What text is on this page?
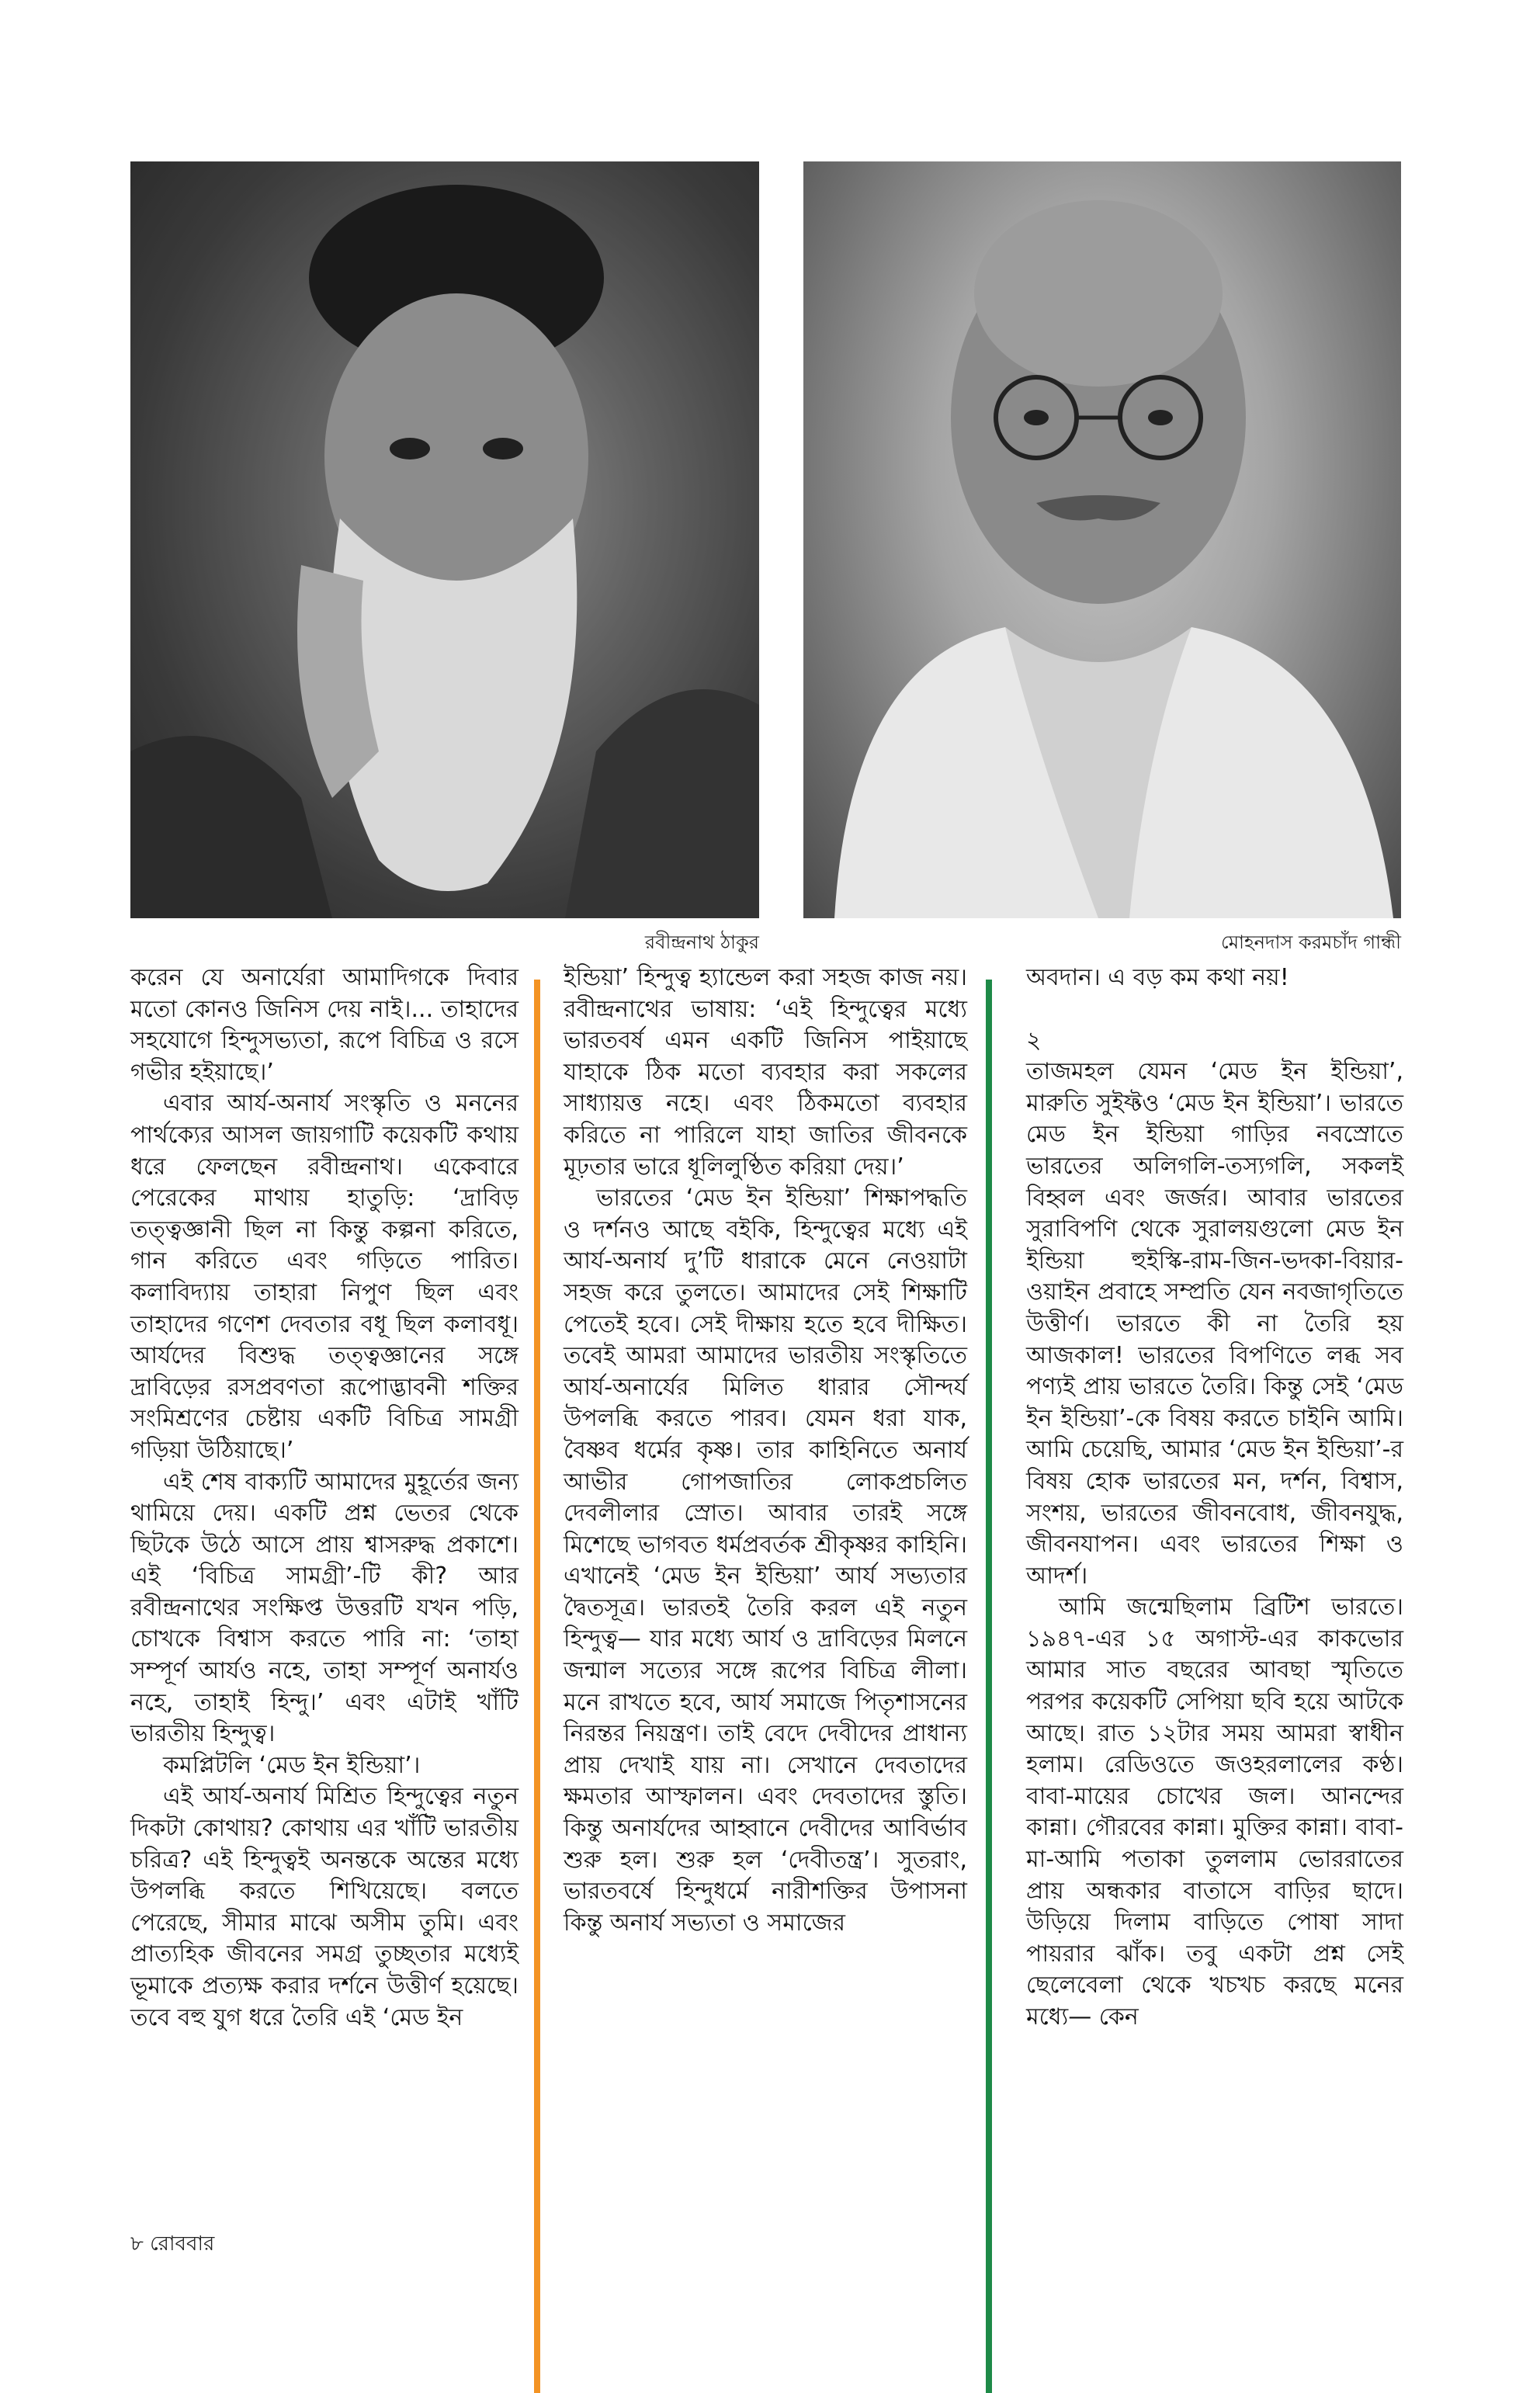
রবীন্দ্রনাথ ঠাকুর	মোহনদাস করমচাঁদ গান্ধী

করেন যে অনার্যেরা আমাদিগকে দিবার মতো কোনও জিনিস দেয় নাই।... তাহাদের সহযোগে হিন্দুসভ্যতা, রূপে বিচিত্র ও রসে গভীর হইয়াছে।’

এবার আর্য-অনার্য সংস্কৃতি ও মননের পার্থক্যের আসল জায়গাটি কয়েকটি কথায় ধরে ফেলছেন রবীন্দ্রনাথ। একেবারে পেরেকের মাথায় হাতুড়ি: ‘দ্রাবিড় তত্ত্বজ্ঞানী ছিল না কিন্তু কল্পনা করিতে, গান করিতে এবং গড়িতে পারিত। কলাবিদ্যায় তাহারা নিপুণ ছিল এবং তাহাদের গণেশ দেবতার বধূ ছিল কলাবধূ। আর্যদের বিশুদ্ধ তত্ত্বজ্ঞানের সঙ্গে দ্রাবিড়ের রসপ্রবণতা রূপোদ্ভাবনী শক্তির সংমিশ্রণের চেষ্টায় একটি বিচিত্র সামগ্রী গড়িয়া উঠিয়াছে।’

এই শেষ বাক্যটি আমাদের মুহূর্তের জন্য থামিয়ে দেয়। একটি প্রশ্ন ভেতর থেকে ছিটকে উঠে আসে প্রায় শ্বাসরুদ্ধ প্রকাশে। এই ‘বিচিত্র সামগ্রী’-টি কী? আর রবীন্দ্রনাথের সংক্ষিপ্ত উত্তরটি যখন পড়ি, চোখকে বিশ্বাস করতে পারি না: ‘তাহা সম্পূর্ণ আর্যও নহে, তাহা সম্পূর্ণ অনার্যও নহে, তাহাই হিন্দু।’ এবং এটাই খাঁটি ভারতীয় হিন্দুত্ব।

কমপ্লিটলি ‘মেড ইন ইন্ডিয়া’।

এই আর্য-অনার্য মিশ্রিত হিন্দুত্বের নতুন দিকটা কোথায়? কোথায় এর খাঁটি ভারতীয় চরিত্র? এই হিন্দুত্বই অনন্তকে অন্তের মধ্যে উপলব্ধি করতে শিখিয়েছে। বলতে পেরেছে, সীমার মাঝে অসীম তুমি। এবং প্রাত্যহিক জীবনের সমগ্র তুচ্ছতার মধ্যেই ভূমাকে প্রত্যক্ষ করার দর্শনে উত্তীর্ণ হয়েছে। তবে বহু যুগ ধরে তৈরি এই ‘মেড ইন

ইন্ডিয়া’ হিন্দুত্ব হ্যান্ডেল করা সহজ কাজ নয়। রবীন্দ্রনাথের ভাষায়: ‘এই হিন্দুত্বের মধ্যে ভারতবর্ষ এমন একটি জিনিস পাইয়াছে যাহাকে ঠিক মতো ব্যবহার করা সকলের সাধ্যায়ত্ত নহে। এবং ঠিকমতো ব্যবহার করিতে না পারিলে যাহা জাতির জীবনকে মূঢ়তার ভারে ধূলিলুণ্ঠিত করিয়া দেয়।’

ভারতের ‘মেড ইন ইন্ডিয়া’ শিক্ষাপদ্ধতি ও দর্শনও আছে বইকি, হিন্দুত্বের মধ্যে এই আর্য-অনার্য দু’টি ধারাকে মেনে নেওয়াটা সহজ করে তুলতে। আমাদের সেই শিক্ষাটি পেতেই হবে। সেই দীক্ষায় হতে হবে দীক্ষিত। তবেই আমরা আমাদের ভারতীয় সংস্কৃতিতে আর্য-অনার্যের মিলিত ধারার সৌন্দর্য উপলব্ধি করতে পারব। যেমন ধরা যাক, বৈষ্ণব ধর্মের কৃষ্ণ। তার কাহিনিতে অনার্য আভীর গোপজাতির লোকপ্রচলিত দেবলীলার স্রোত। আবার তারই সঙ্গে মিশেছে ভাগবত ধর্মপ্রবর্তক শ্রীকৃষ্ণর কাহিনি। এখানেই ‘মেড ইন ইন্ডিয়া’ আর্য সভ্যতার দ্বৈতসূত্র। ভারতই তৈরি করল এই নতুন হিন্দুত্ব— যার মধ্যে আর্য ও দ্রাবিড়ের মিলনে জন্মাল সত্যের সঙ্গে রূপের বিচিত্র লীলা। মনে রাখতে হবে, আর্য সমাজে পিতৃশাসনের নিরন্তর নিয়ন্ত্রণ। তাই বেদে দেবীদের প্রাধান্য প্রায় দেখাই যায় না। সেখানে দেবতাদের ক্ষমতার আস্ফালন। এবং দেবতাদের স্তুতি। কিন্তু অনার্যদের আহ্বানে দেবীদের আবির্ভাব শুরু হল। শুরু হল ‘দেবীতন্ত্র’। সুতরাং, ভারতবর্ষে হিন্দুধর্মে নারীশক্তির উপাসনা কিন্তু অনার্য সভ্যতা ও সমাজের

অবদান। এ বড় কম কথা নয়!

২

তাজমহল যেমন ‘মেড ইন ইন্ডিয়া’, মারুতি সুইফ্টও ‘মেড ইন ইন্ডিয়া’। ভারতে মেড ইন ইন্ডিয়া গাড়ির নবস্রোতে ভারতের অলিগলি-তস্যগলি, সকলই বিহ্বল এবং জর্জর। আবার ভারতের সুরাবিপণি থেকে সুরালয়গুলো মেড ইন ইন্ডিয়া হুইস্কি-রাম-জিন-ভদকা-বিয়ার-ওয়াইন প্রবাহে সম্প্রতি যেন নবজাগৃতিতে উত্তীর্ণ। ভারতে কী না তৈরি হয় আজকাল! ভারতের বিপণিতে লব্ধ সব পণ্যই প্রায় ভারতে তৈরি। কিন্তু সেই ‘মেড ইন ইন্ডিয়া’-কে বিষয় করতে চাইনি আমি। আমি চেয়েছি, আমার ‘মেড ইন ইন্ডিয়া’-র বিষয় হোক ভারতের মন, দর্শন, বিশ্বাস, সংশয়, ভারতের জীবনবোধ, জীবনযুদ্ধ, জীবনযাপন। এবং ভারতের শিক্ষা ও আদর্শ।

আমি জন্মেছিলাম ব্রিটিশ ভারতে। ১৯৪৭-এর ১৫ অগাস্ট-এর কাকভোর আমার সাত বছরের আবছা স্মৃতিতে পরপর কয়েকটি সেপিয়া ছবি হয়ে আটকে আছে। রাত ১২টার সময় আমরা স্বাধীন হলাম। রেডিওতে জওহরলালের কণ্ঠ। বাবা-মায়ের চোখের জল। আনন্দের কান্না। গৌরবের কান্না। মুক্তির কান্না। বাবা-মা-আমি পতাকা তুললাম ভোররাতের প্রায় অন্ধকার বাতাসে বাড়ির ছাদে। উড়িয়ে দিলাম বাড়িতে পোষা সাদা পায়রার ঝাঁক। তবু একটা প্রশ্ন সেই ছেলেবেলা থেকে খচখচ করছে মনের মধ্যে— কেন

৮ রোববার
